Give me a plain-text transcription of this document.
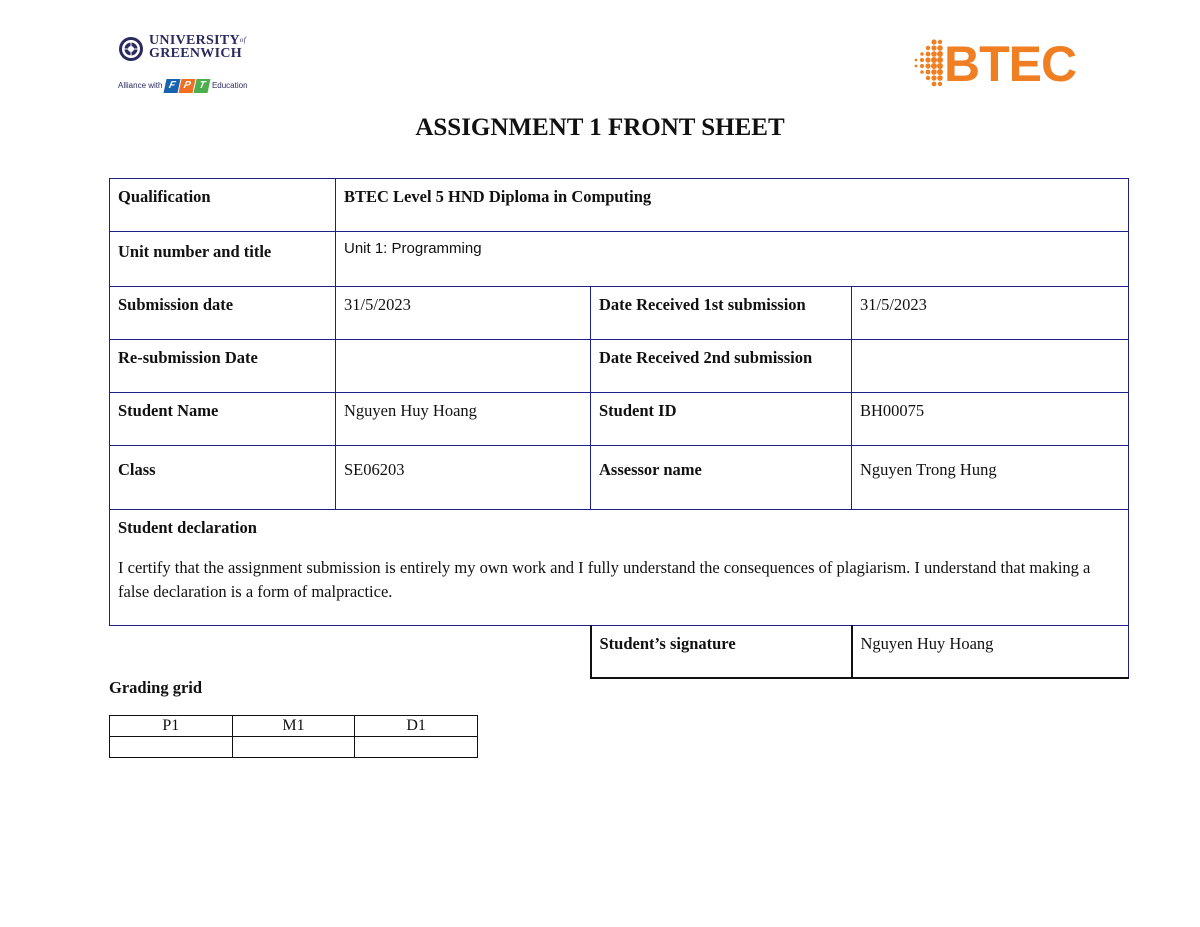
$UNIVERSITY^{of}$
GREENWICH
Alliance with F P T Education	BTEC
ASSIGNMENT 1 FRONT SHEET
Qualification	BTEC Level 5 HND Diploma in Computing		
Unit number and title	Unit 1: Programming		
Submission date	31/5/2023	Date Received 1st submission	31/5/2023
Re-submission Date		Date Received 2nd submission	
Student Name	Nguyen Huy Hoang	Student ID	BH00075
Class	SE06203	Assessor name	Nguyen Trong Hung

Student declaration
I certify that the assignment submission is entirely my own work and I fully understand the consequences of plagiarism. I understand that making a false declaration is a form of malpractice.			

		Student’s signature	Nguyen Huy Hoang
Grading grid
P1	M1	D1
